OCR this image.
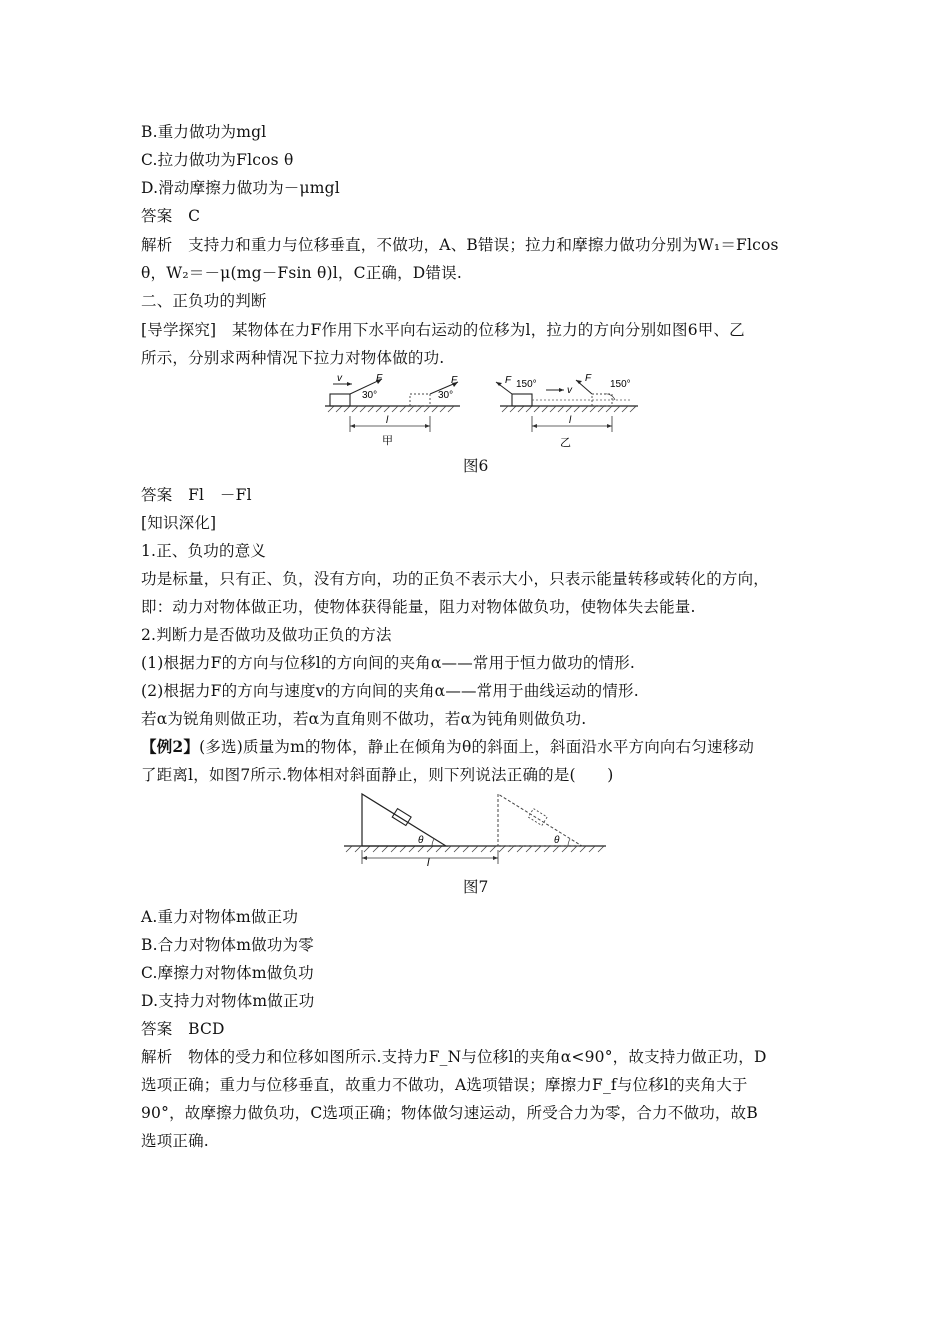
B.重力做功为mgl
C.拉力做功为Flcos θ
D.滑动摩擦力做功为－μmgl
答案　C
解析　支持力和重力与位移垂直，不做功，A、B错误；拉力和摩擦力做功分别为W₁＝Flcos
θ，W₂＝－μ(mg－Fsin θ)l，C正确，D错误.
二、正负功的判断
[导学探究]　某物体在力F作用下水平向右运动的位移为l，拉力的方向分别如图6甲、乙
所示，分别求两种情况下拉力对物体做的功.
v	F
30°
F
30°
l
甲
F 150°
v
F
150°
l
乙
图6
答案　Fl　－Fl
[知识深化]
1.正、负功的意义
功是标量，只有正、负，没有方向，功的正负不表示大小，只表示能量转移或转化的方向，
即：动力对物体做正功，使物体获得能量，阻力对物体做负功，使物体失去能量.
2.判断力是否做功及做功正负的方法
(1)根据力F的方向与位移l的方向间的夹角α——常用于恒力做功的情形.
(2)根据力F的方向与速度v的方向间的夹角α——常用于曲线运动的情形.
若α为锐角则做正功，若α为直角则不做功，若α为钝角则做负功.
【例2】(多选)质量为m的物体，静止在倾角为θ的斜面上，斜面沿水平方向向右匀速移动
了距离l，如图7所示.物体相对斜面静止，则下列说法正确的是(　　)
θ	θ
l
图7
A.重力对物体m做正功
B.合力对物体m做功为零
C.摩擦力对物体m做负功
D.支持力对物体m做正功
答案　BCD
解析　物体的受力和位移如图所示.支持力F_N与位移l的夹角α<90°，故支持力做正功，D
选项正确；重力与位移垂直，故重力不做功，A选项错误；摩擦力F_f与位移l的夹角大于
90°，故摩擦力做负功，C选项正确；物体做匀速运动，所受合力为零，合力不做功，故B
选项正确.
